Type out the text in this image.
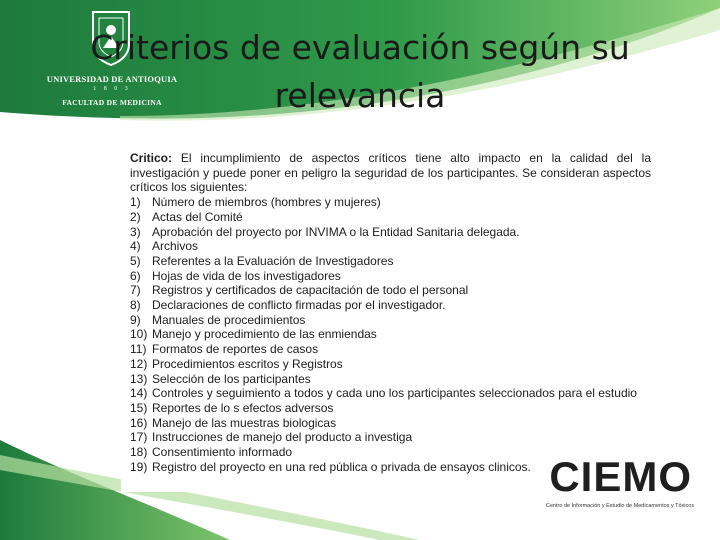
UNIVERSIDAD DE ANTIOQUIA
1 8 0 3
FACULTAD DE MEDICINA
Criterios de evaluación según su relevancia

Critico: El incumplimiento de aspectos críticos tiene alto impacto en la calidad del la investigación y puede poner en peligro la seguridad de los participantes. Se consideran aspectos críticos los siguientes:

1) Número de miembros (hombres y mujeres)
2) Actas del Comité
3) Aprobación del proyecto por INVIMA o la Entidad Sanitaria delegada.
4) Archivos
5) Referentes a la Evaluación de Investigadores
6) Hojas de vida de los investigadores
7) Registros y certificados de capacitación de todo el personal
8) Declaraciones de conflicto firmadas por el investigador.
9) Manuales de procedimientos
10) Manejo y procedimiento de las enmiendas
11) Formatos de reportes de casos
12) Procedimientos escritos y Registros
13) Selección de los participantes
14) Controles y seguimiento a todos y cada uno los participantes seleccionados para el estudio
15) Reportes de lo s efectos adversos
16) Manejo de las muestras biologicas
17) Instrucciones de manejo del producto a investiga
18) Consentimiento informado
19) Registro del proyecto en una red pública o privada de ensayos clinicos. CIEMO
Centro de Información y Estudio de Medicamentos y Tóxicos
